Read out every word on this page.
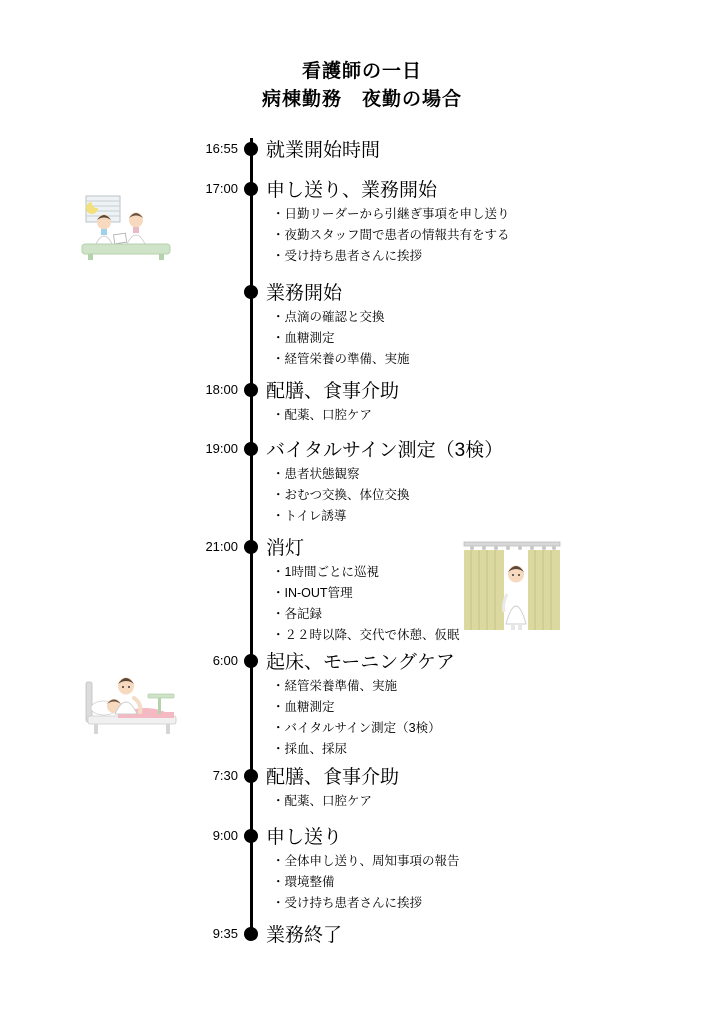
看護師の一日
病棟勤務　夜勤の場合
16:55 就業開始時間
17:00 申し送り、業務開始
・ 日勤リーダーから引継ぎ事項を申し送り
・ 夜勤スタッフ間で患者の情報共有をする
・ 受け持ち患者さんに挨拶
業務開始
・ 点滴の確認と交換
・ 血糖測定
・ 経管栄養の準備、実施
18:00 配膳、食事介助
・ 配薬、口腔ケア
19:00 バイタルサイン測定（3検）
・ 患者状態観察
・ おむつ交換、体位交換
・ トイレ誘導
21:00 消灯
・ 1時間ごとに巡視
・ IN-OUT管理
・ 各記録
・ ２２時以降、交代で休憩、仮眠
6:00 起床、モーニングケア
・ 経管栄養準備、実施
・ 血糖測定
・ バイタルサイン測定（3検）
・ 採血、採尿
7:30 配膳、食事介助
・ 配薬、口腔ケア
9:00 申し送り
・ 全体申し送り、周知事項の報告
・ 環境整備
・ 受け持ち患者さんに挨拶
9:35 業務終了
